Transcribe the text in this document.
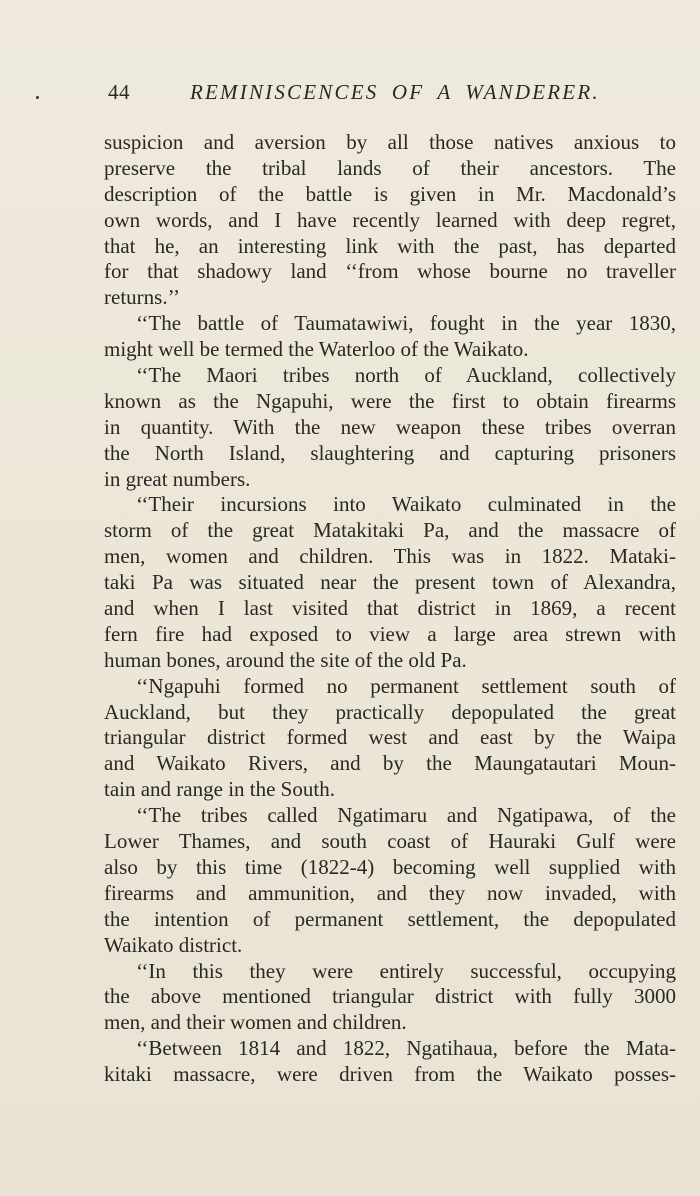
44	REMINISCENCES OF A WANDERER.
suspicion and aversion by all those natives anxious to
preserve the tribal lands of their ancestors. The
description of the battle is given in Mr. Macdonald’s
own words, and I have recently learned with deep regret,
that he, an interesting link with the past, has departed
for that shadowy land ‘‘from whose bourne no traveller
returns.’’
‘‘The battle of Taumatawiwi, fought in the year 1830,
might well be termed the Waterloo of the Waikato.
‘‘The Maori tribes north of Auckland, collectively
known as the Ngapuhi, were the first to obtain firearms
in quantity. With the new weapon these tribes overran
the North Island, slaughtering and capturing prisoners
in great numbers.
‘‘Their incursions into Waikato culminated in the
storm of the great Matakitaki Pa, and the massacre of
men, women and children. This was in 1822. Mataki-
taki Pa was situated near the present town of Alexandra,
and when I last visited that district in 1869, a recent
fern fire had exposed to view a large area strewn with
human bones, around the site of the old Pa.
‘‘Ngapuhi formed no permanent settlement south of
Auckland, but they practically depopulated the great
triangular district formed west and east by the Waipa
and Waikato Rivers, and by the Maungatautari Moun-
tain and range in the South.
‘‘The tribes called Ngatimaru and Ngatipawa, of the
Lower Thames, and south coast of Hauraki Gulf were
also by this time (1822-4) becoming well supplied with
firearms and ammunition, and they now invaded, with
the intention of permanent settlement, the depopulated
Waikato district.
‘‘In this they were entirely successful, occupying
the above mentioned triangular district with fully 3000
men, and their women and children.
‘‘Between 1814 and 1822, Ngatihaua, before the Mata-
kitaki massacre, were driven from the Waikato posses-
